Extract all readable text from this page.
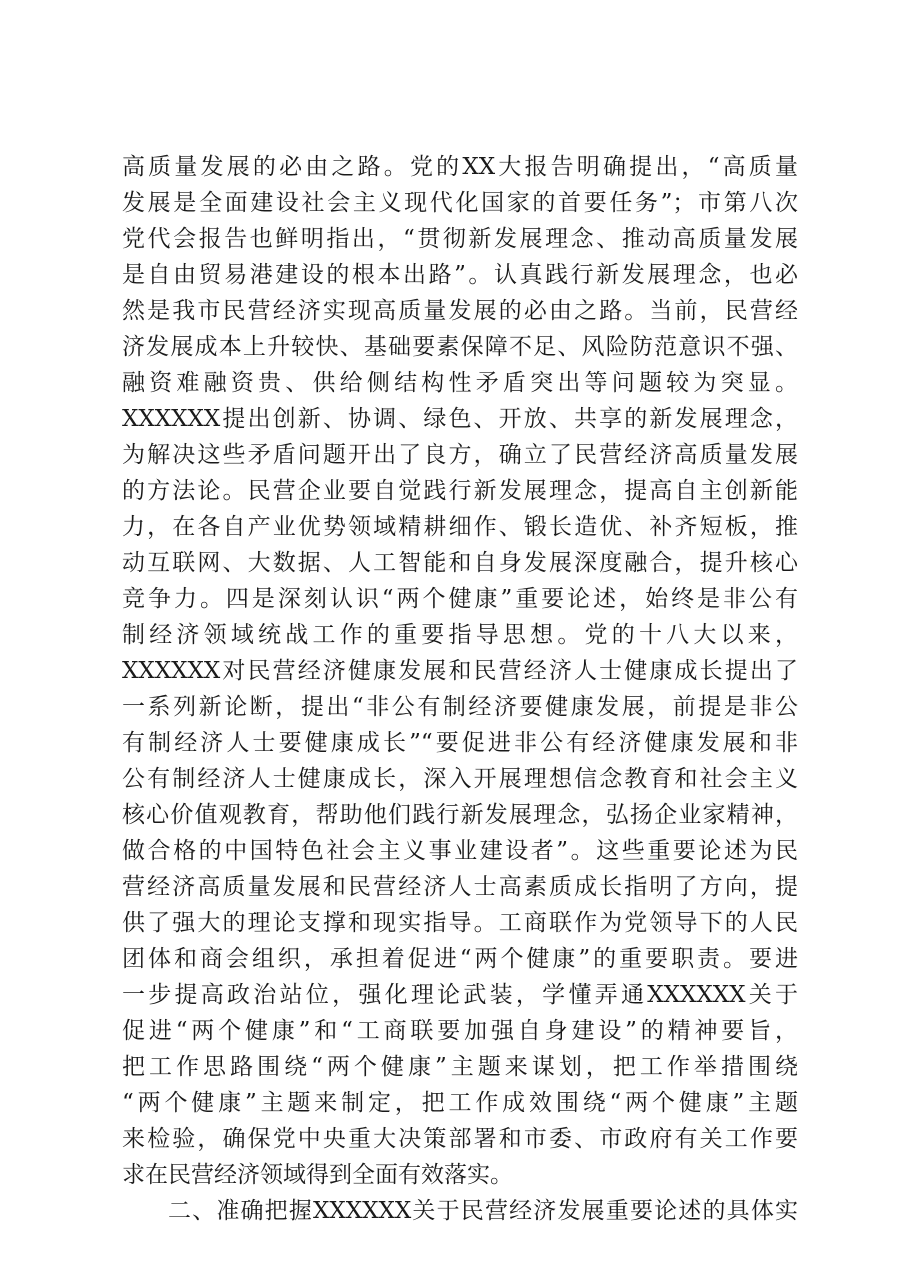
高质量发展的必由之路。党的XX大报告明确提出，“高质量
发展是全面建设社会主义现代化国家的首要任务”；市第八次
党代会报告也鲜明指出，“贯彻新发展理念、推动高质量发展
是自由贸易港建设的根本出路”。认真践行新发展理念，也必
然是我市民营经济实现高质量发展的必由之路。当前，民营经
济发展成本上升较快、基础要素保障不足、风险防范意识不强、
融资难融资贵、供给侧结构性矛盾突出等问题较为突显。
XXXXXX提出创新、协调、绿色、开放、共享的新发展理念，
为解决这些矛盾问题开出了良方，确立了民营经济高质量发展
的方法论。民营企业要自觉践行新发展理念，提高自主创新能
力，在各自产业优势领域精耕细作、锻长造优、补齐短板，推
动互联网、大数据、人工智能和自身发展深度融合，提升核心
竞争力。四是深刻认识“两个健康”重要论述，始终是非公有
制经济领域统战工作的重要指导思想。党的十八大以来，
XXXXXX对民营经济健康发展和民营经济人士健康成长提出了
一系列新论断，提出“非公有制经济要健康发展，前提是非公
有制经济人士要健康成长”“要促进非公有经济健康发展和非
公有制经济人士健康成长，深入开展理想信念教育和社会主义
核心价值观教育，帮助他们践行新发展理念，弘扬企业家精神，
做合格的中国特色社会主义事业建设者”。这些重要论述为民
营经济高质量发展和民营经济人士高素质成长指明了方向，提
供了强大的理论支撑和现实指导。工商联作为党领导下的人民
团体和商会组织，承担着促进“两个健康”的重要职责。要进
一步提高政治站位，强化理论武装，学懂弄通XXXXXX关于
促进“两个健康”和“工商联要加强自身建设”的精神要旨，
把工作思路围绕“两个健康”主题来谋划，把工作举措围绕
“两个健康”主题来制定，把工作成效围绕“两个健康”主题
来检验，确保党中央重大决策部署和市委、市政府有关工作要
求在民营经济领域得到全面有效落实。
二、准确把握XXXXXX关于民营经济发展重要论述的具体实
